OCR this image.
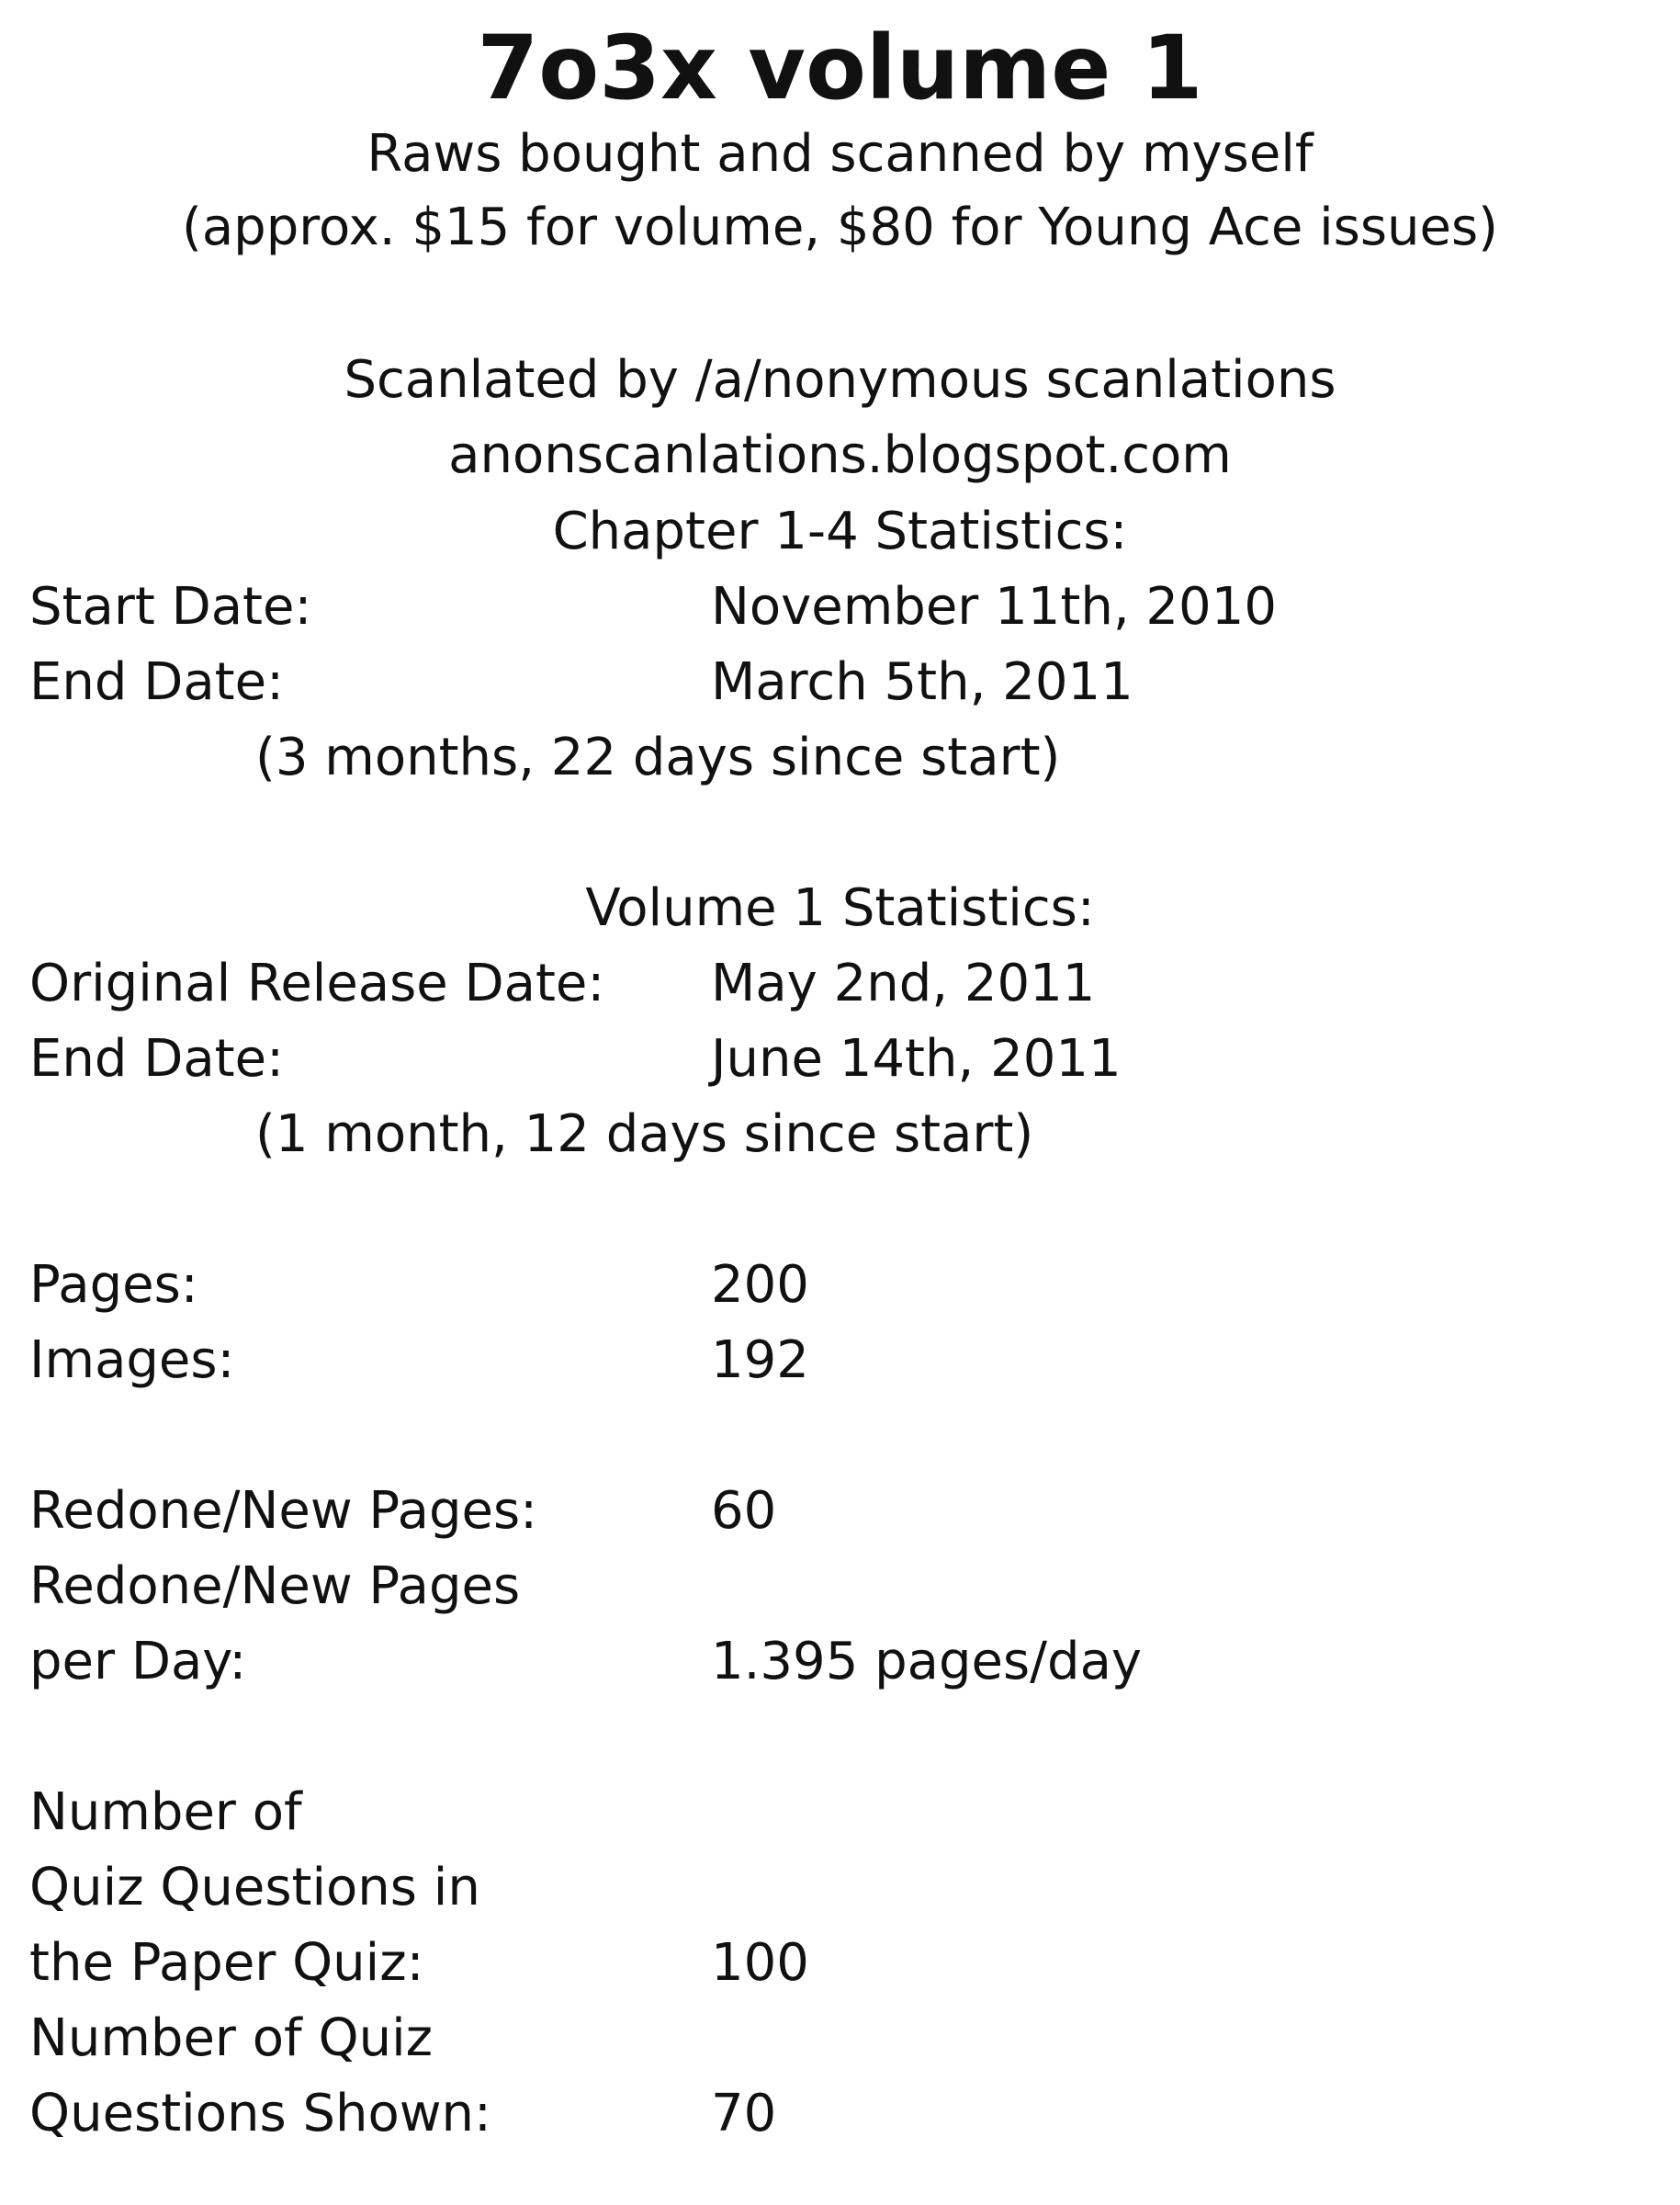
7o3x volume 1
Raws bought and scanned by myself
(approx. $15 for volume, $80 for Young Ace issues)
Scanlated by /a/nonymous scanlations
anonscanlations.blogspot.com
Chapter 1-4 Statistics:
Start Date:	November 11th, 2010
End Date:	March 5th, 2011
(3 months, 22 days since start)
Volume 1 Statistics:
Original Release Date: May 2nd, 2011
End Date:	June 14th, 2011
(1 month, 12 days since start)
Pages:	200
Images:	192
Redone/New Pages:	60
Redone/New Pages
per Day:	1.395 pages/day
Number of
Quiz Questions in
the Paper Quiz:	100
Number of Quiz
Questions Shown:	70
